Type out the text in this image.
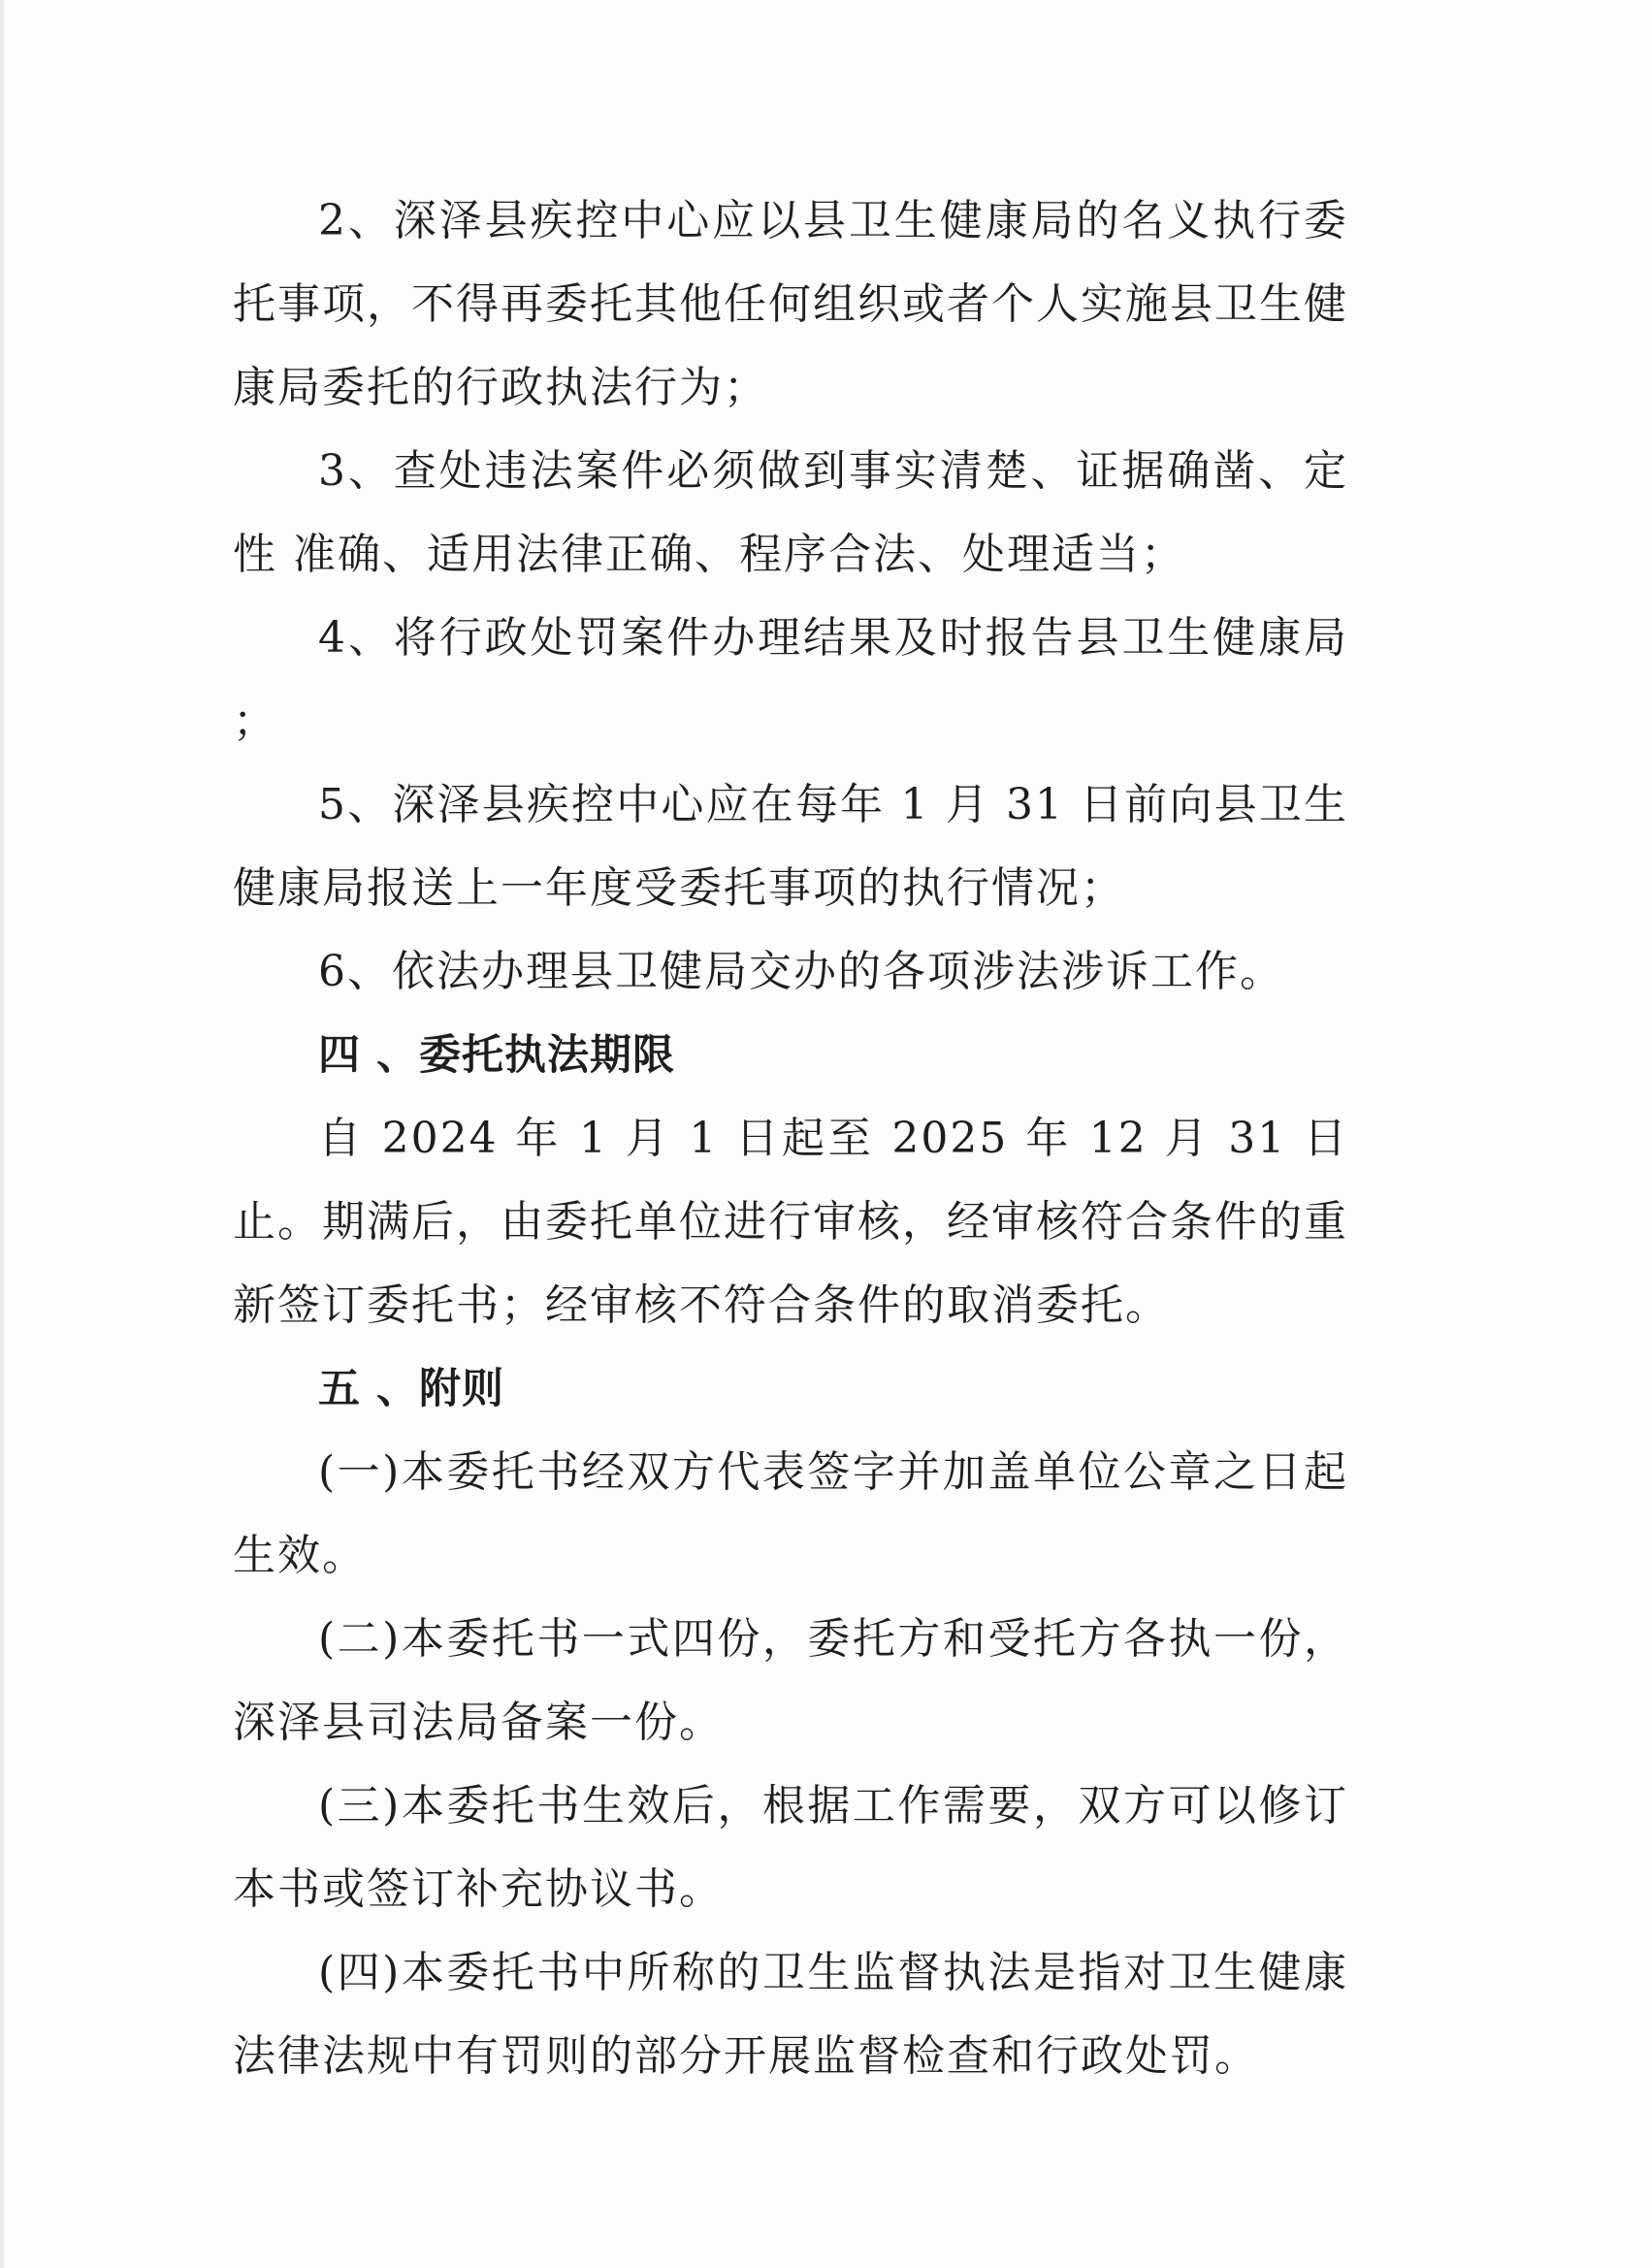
2、深泽县疾控中心应以县卫生健康局的名义执行委托事项，不得再委托其他任何组织或者个人实施县卫生健康局委托的行政执法行为；

3、查处违法案件必须做到事实清楚、证据确凿、定性 准确、适用法律正确、程序合法、处理适当；

4、将行政处罚案件办理结果及时报告县卫生健康局 ；

5、深泽县疾控中心应在每年 1 月 31 日前向县卫生健康局报送上一年度受委托事项的执行情况；

6、依法办理县卫健局交办的各项涉法涉诉工作。

四 、委托执法期限

自 2024 年 1 月 1 日起至 2025 年 12 月 31 日止。期满后，由委托单位进行审核，经审核符合条件的重新签订委托书；经审核不符合条件的取消委托。

五 、附则

(一)本委托书经双方代表签字并加盖单位公章之日起生效。

(二)本委托书一式四份，委托方和受托方各执一份，深泽县司法局备案一份。

(三)本委托书生效后，根据工作需要，双方可以修订本书或签订补充协议书。

(四)本委托书中所称的卫生监督执法是指对卫生健康法律法规中有罚则的部分开展监督检查和行政处罚。
